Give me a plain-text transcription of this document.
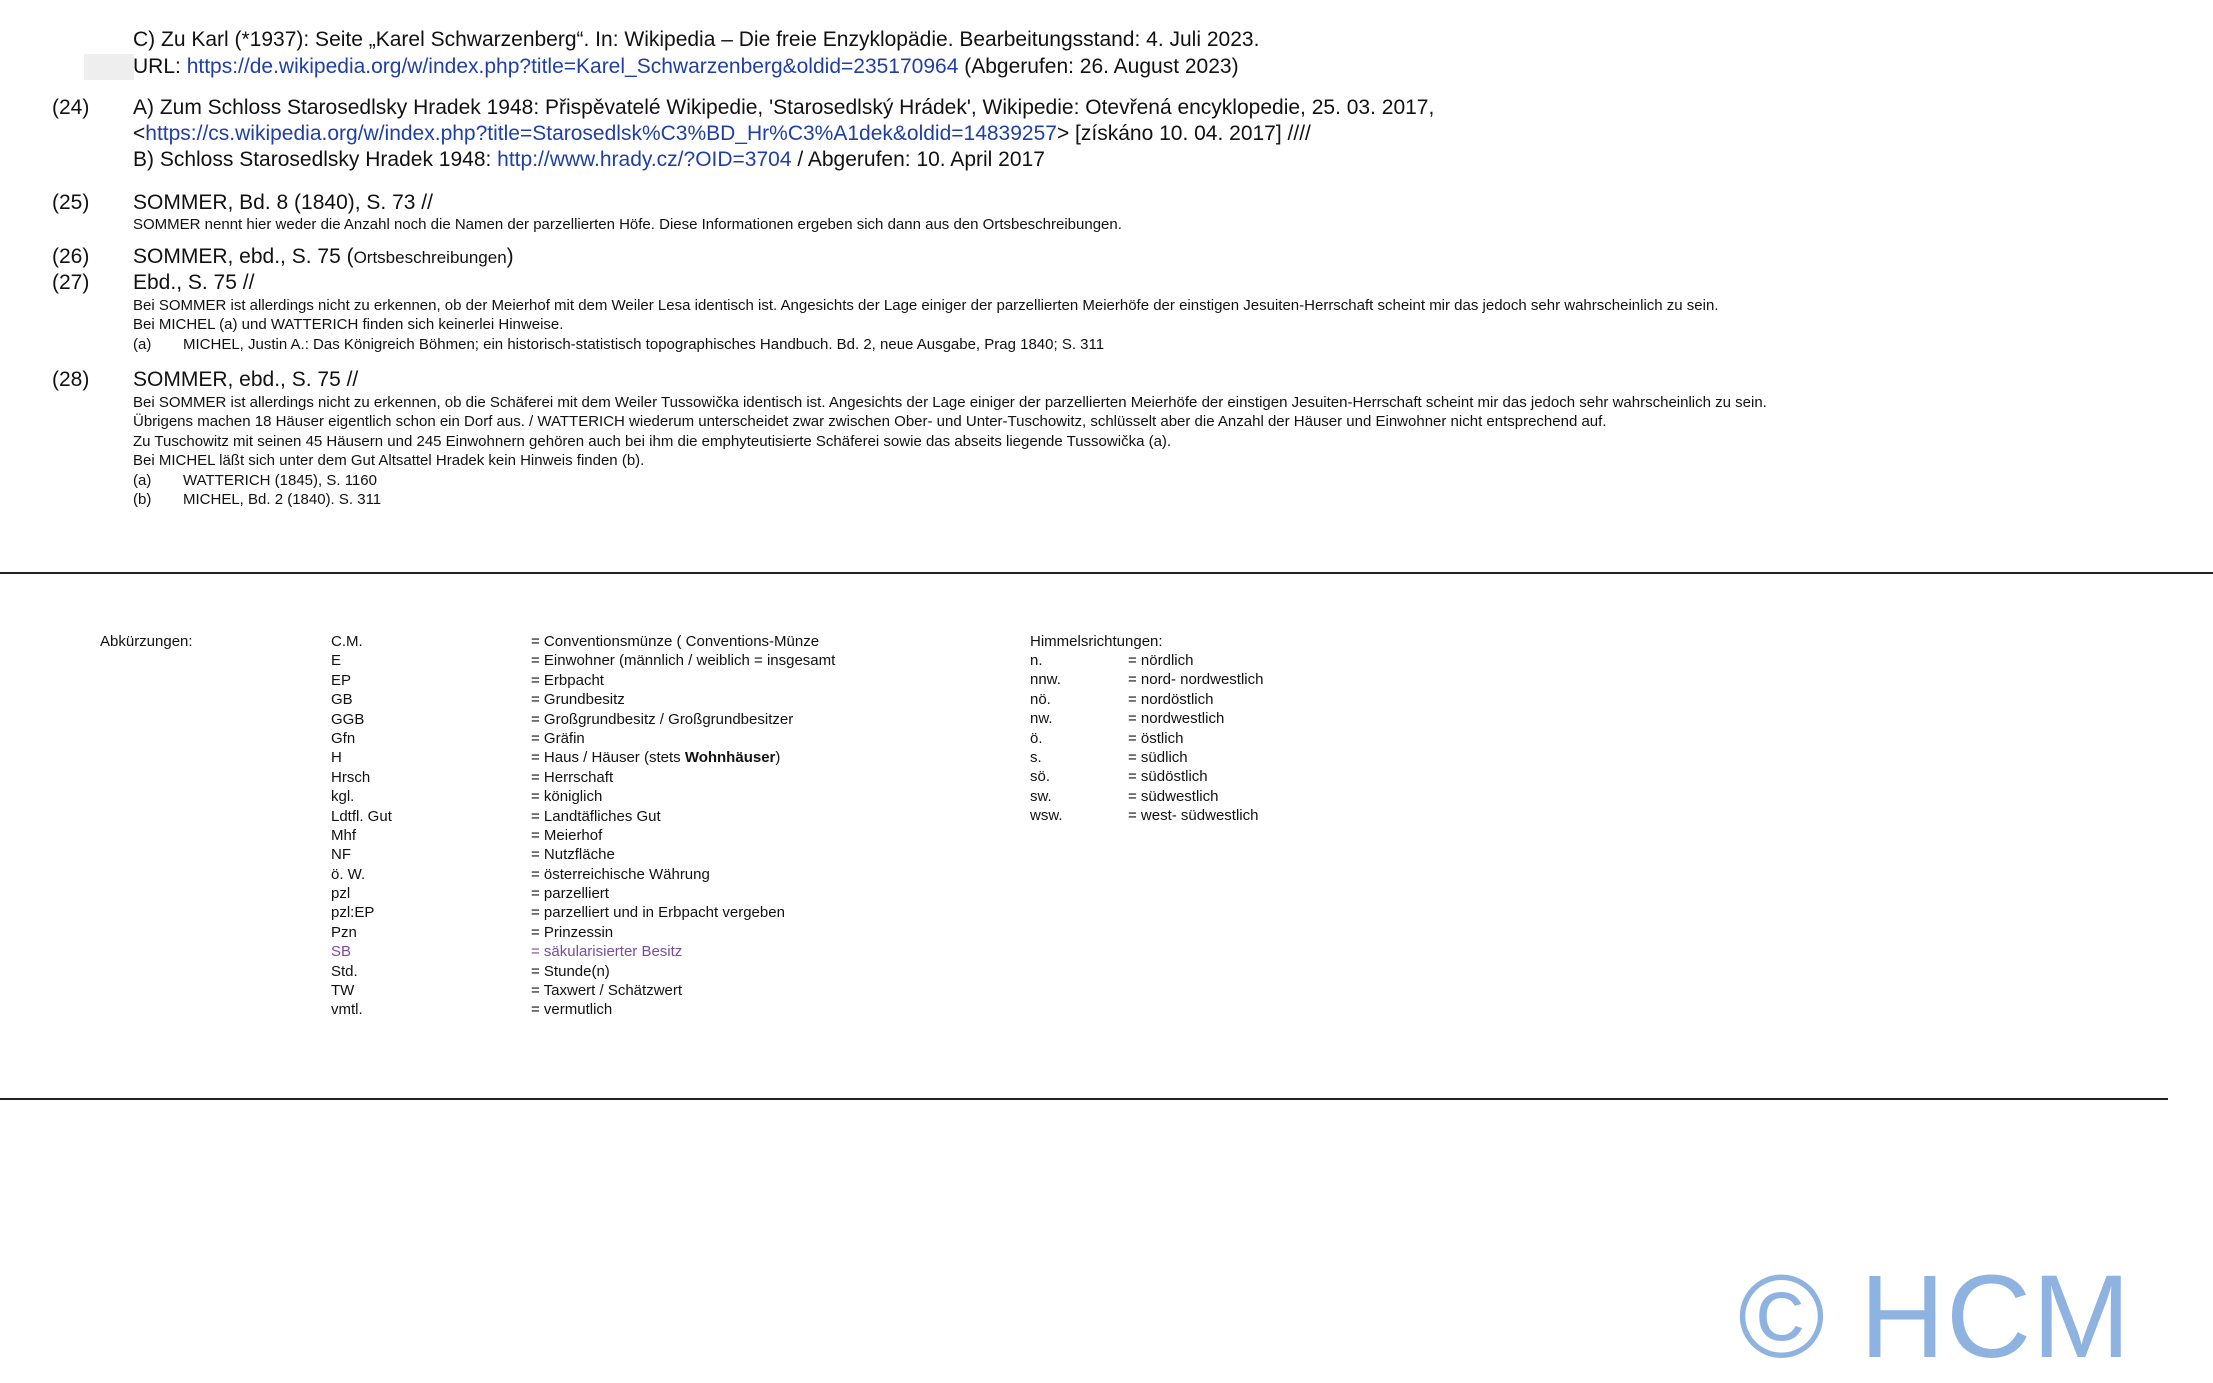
C) Zu Karl (*1937): Seite „Karel Schwarzenberg“. In: Wikipedia – Die freie Enzyklopädie. Bearbeitungsstand: 4. Juli 2023.
URL: https://de.wikipedia.org/w/index.php?title=Karel_Schwarzenberg&oldid=235170964 (Abgerufen: 26. August 2023)
(24) A) Zum Schloss Starosedlsky Hradek 1948: Přispěvatelé Wikipedie, 'Starosedlský Hrádek', Wikipedie: Otevřená encyklopedie, 25. 03. 2017,
<https://cs.wikipedia.org/w/index.php?title=Starosedlsk%C3%BD_Hr%C3%A1dek&oldid=14839257> [získáno 10. 04. 2017] ////
B) Schloss Starosedlsky Hradek 1948: http://www.hrady.cz/?OID=3704 / Abgerufen: 10. April 2017
(25) SOMMER, Bd. 8 (1840), S. 73 //
SOMMER nennt hier weder die Anzahl noch die Namen der parzellierten Höfe. Diese Informationen ergeben sich dann aus den Ortsbeschreibungen.
(26) SOMMER, ebd., S. 75 (Ortsbeschreibungen)
(27) Ebd., S. 75 //
Bei SOMMER ist allerdings nicht zu erkennen, ob der Meierhof mit dem Weiler Lesa identisch ist. Angesichts der Lage einiger der parzellierten Meierhöfe der einstigen Jesuiten-Herrschaft scheint mir das jedoch sehr wahrscheinlich zu sein.
Bei MICHEL (a) und WATTERICH finden sich keinerlei Hinweise.
(a) MICHEL, Justin A.: Das Königreich Böhmen; ein historisch-statistisch topographisches Handbuch. Bd. 2, neue Ausgabe, Prag 1840; S. 311
(28) SOMMER, ebd., S. 75 //
Bei SOMMER ist allerdings nicht zu erkennen, ob die Schäferei mit dem Weiler Tussowička identisch ist. Angesichts der Lage einiger der parzellierten Meierhöfe der einstigen Jesuiten-Herrschaft scheint mir das jedoch sehr wahrscheinlich zu sein.
Übrigens machen 18 Häuser eigentlich schon ein Dorf aus. / WATTERICH wiederum unterscheidet zwar zwischen Ober- und Unter-Tuschowitz, schlüsselt aber die Anzahl der Häuser und Einwohner nicht entsprechend auf.
Zu Tuschowitz mit seinen 45 Häusern und 245 Einwohnern gehören auch bei ihm die emphyteutisierte Schäferei sowie das abseits liegende Tussowička (a).
Bei MICHEL läßt sich unter dem Gut Altsattel Hradek kein Hinweis finden (b).
(a) WATTERICH (1845), S. 1160
(b) MICHEL, Bd. 2 (1840). S. 311
Abkürzungen:	C.M.
E
EP
GB
GGB
Gfn
H
Hrsch
kgl.
Ldtfl. Gut
Mhf
NF
ö. W.
pzl
pzl:EP
Pzn
SB
Std.
TW
vmtl.
= Conventionsmünze ( Conventions-Münze
= Einwohner (männlich / weiblich = insgesamt
= Erbpacht
= Grundbesitz
= Großgrundbesitz / Großgrundbesitzer
= Gräfin
= Haus / Häuser (stets Wohnhäuser)
= Herrschaft
= königlich
= Landtäfliches Gut
= Meierhof
= Nutzfläche
= österreichische Währung
= parzelliert
= parzelliert und in Erbpacht vergeben
= Prinzessin
= säkularisierter Besitz
= Stunde(n)
= Taxwert / Schätzwert
= vermutlich
Himmelsrichtungen:
n.
nnw.
nö.
nw.
ö.
s.
sö.
sw.
wsw.
= nördlich
= nord- nordwestlich
= nordöstlich
= nordwestlich
= östlich
= südlich
= südöstlich
= südwestlich
= west- südwestlich
© HCM
